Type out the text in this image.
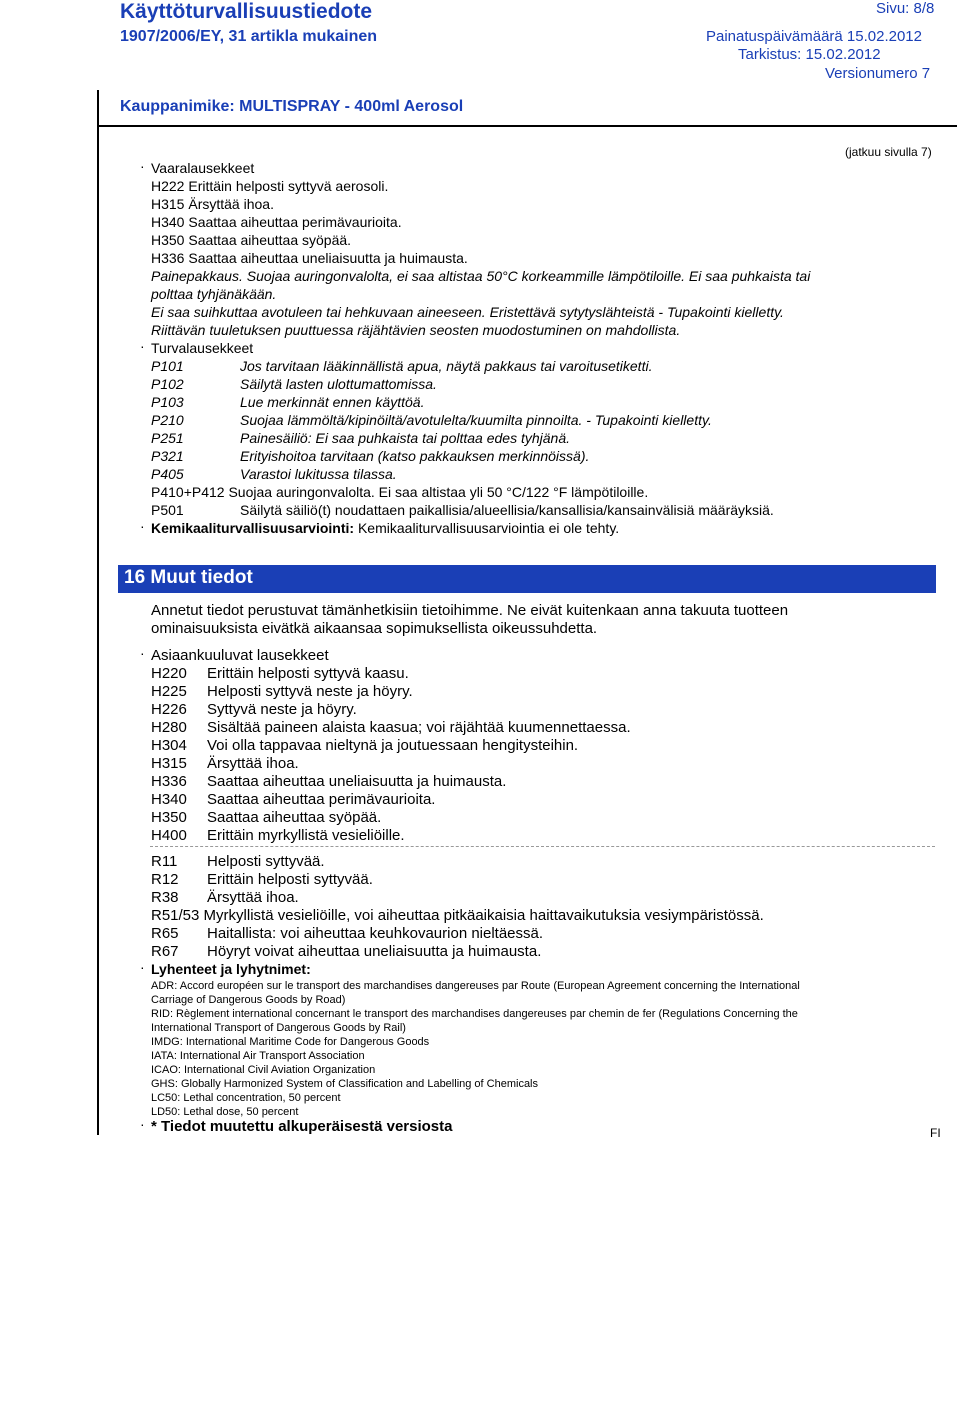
Käyttöturvallisuustiedote
1907/2006/EY, 31 artikla mukainen
Sivu: 8/8
Painatuspäivämäärä 15.02.2012
Tarkistus: 15.02.2012
Versionumero 7
Kauppanimike: MULTISPRAY - 400ml Aerosol
(jatkuu sivulla 7)
· Vaaralausekkeet
H222 Erittäin helposti syttyvä aerosoli.
H315 Ärsyttää ihoa.
H340 Saattaa aiheuttaa perimävaurioita.
H350 Saattaa aiheuttaa syöpää.
H336 Saattaa aiheuttaa uneliaisuutta ja huimausta.
Painepakkaus. Suojaa auringonvalolta, ei saa altistaa 50°C korkeammille lämpötiloille. Ei saa puhkaista tai
polttaa tyhjänäkään.
Ei saa suihkuttaa avotuleen tai hehkuvaan aineeseen. Eristettävä sytytyslähteistä - Tupakointi kielletty.
Riittävän tuuletuksen puuttuessa räjähtävien seosten muodostuminen on mahdollista.
· Turvalausekkeet
P101	Jos tarvitaan lääkinnällistä apua, näytä pakkaus tai varoitusetiketti.
P102	Säilytä lasten ulottumattomissa.
P103	Lue merkinnät ennen käyttöä.
P210	Suojaa lämmöltä/kipinöiltä/avotulelta/kuumilta pinnoilta. - Tupakointi kielletty.
P251	Painesäiliö: Ei saa puhkaista tai polttaa edes tyhjänä.
P321	Erityishoitoa tarvitaan (katso pakkauksen merkinnöissä).
P405	Varastoi lukitussa tilassa.
P410+P412 Suojaa auringonvalolta. Ei saa altistaa yli 50 °C/122 °F lämpötiloille.
P501	Säilytä säiliö(t) noudattaen paikallisia/alueellisia/kansallisia/kansainvälisiä määräyksiä.
· Kemikaaliturvallisuusarviointi: Kemikaaliturvallisuusarviointia ei ole tehty.
16 Muut tiedot
Annetut tiedot perustuvat tämänhetkisiin tietoihimme. Ne eivät kuitenkaan anna takuuta tuotteen
ominaisuuksista eivätkä aikaansaa sopimuksellista oikeussuhdetta.
· Asiaankuuluvat lausekkeet
H220 Erittäin helposti syttyvä kaasu.
H225 Helposti syttyvä neste ja höyry.
H226 Syttyvä neste ja höyry.
H280 Sisältää paineen alaista kaasua; voi räjähtää kuumennettaessa.
H304 Voi olla tappavaa nieltynä ja joutuessaan hengitysteihin.
H315 Ärsyttää ihoa.
H336 Saattaa aiheuttaa uneliaisuutta ja huimausta.
H340 Saattaa aiheuttaa perimävaurioita.
H350 Saattaa aiheuttaa syöpää.
H400 Erittäin myrkyllistä vesieliöille.
R11 Helposti syttyvää.
R12 Erittäin helposti syttyvää.
R38 Ärsyttää ihoa.
R51/53 Myrkyllistä vesieliöille, voi aiheuttaa pitkäaikaisia haittavaikutuksia vesiympäristössä.
R65 Haitallista: voi aiheuttaa keuhkovaurion nieltäessä.
R67 Höyryt voivat aiheuttaa uneliaisuutta ja huimausta.
· Lyhenteet ja lyhytnimet:
ADR: Accord européen sur le transport des marchandises dangereuses par Route (European Agreement concerning the International
Carriage of Dangerous Goods by Road)
RID: Règlement international concernant le transport des marchandises dangereuses par chemin de fer (Regulations Concerning the
International Transport of Dangerous Goods by Rail)
IMDG: International Maritime Code for Dangerous Goods
IATA: International Air Transport Association
ICAO: International Civil Aviation Organization
GHS: Globally Harmonized System of Classification and Labelling of Chemicals
LC50: Lethal concentration, 50 percent
LD50: Lethal dose, 50 percent
· * Tiedot muutettu alkuperäisestä versiosta	FI
